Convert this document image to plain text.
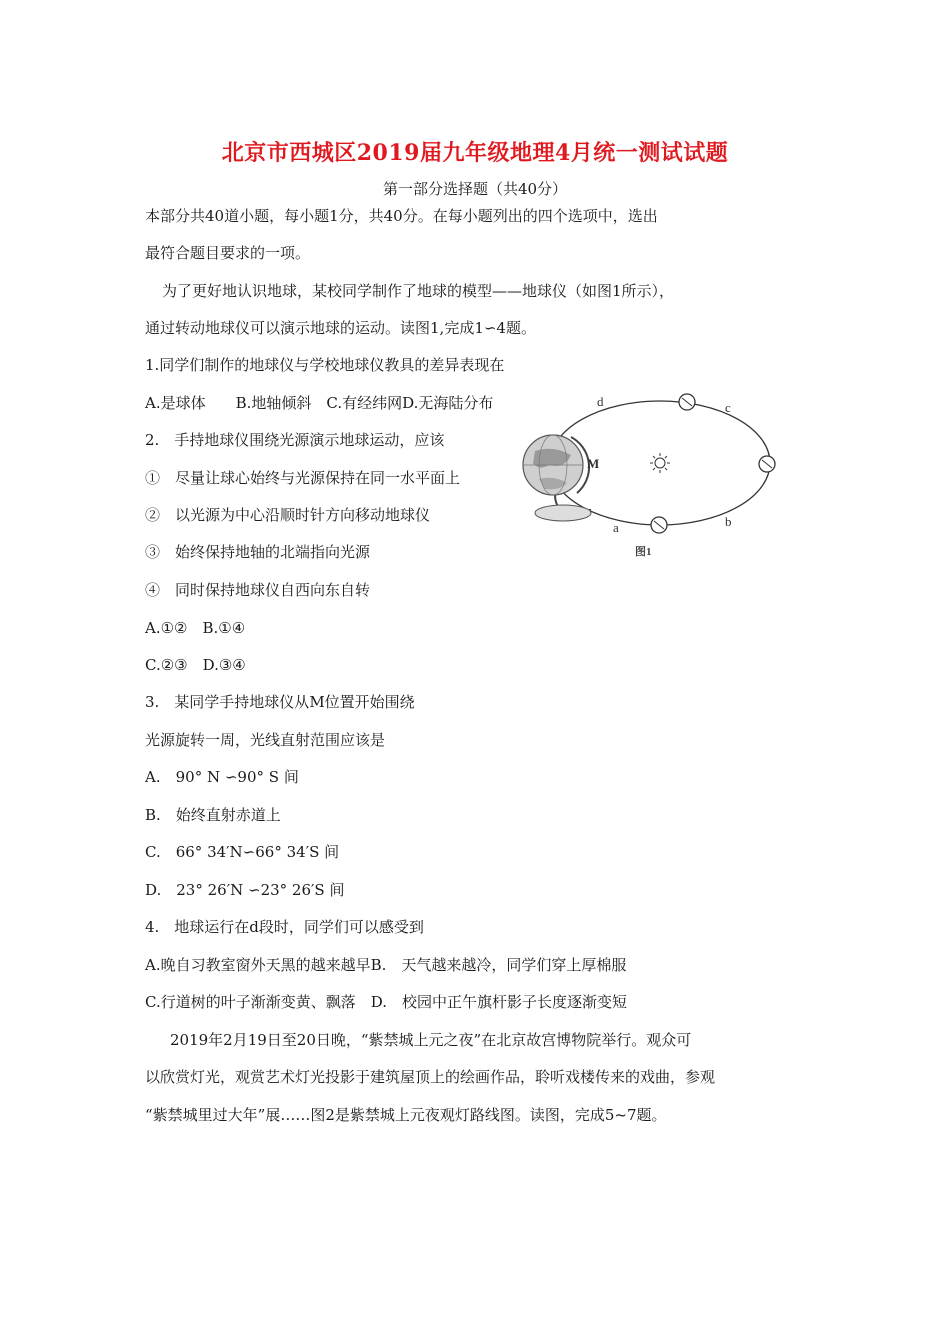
北京市西城区2019届九年级地理4月统一测试试题
第一部分选择题（共40分）
本部分共40道小题，每小题1分，共40分。在每小题列出的四个选项中，选出
最符合题目要求的一项。
为了更好地认识地球，某校同学制作了地球的模型——地球仪（如图1所示），
通过转动地球仪可以演示地球的运动。读图1,完成1∽4题。
1.同学们制作的地球仪与学校地球仪教具的差异表现在
A.是球体　　B.地轴倾斜　C.有经纬网D.无海陆分布
2.　手持地球仪围绕光源演示地球运动，应该
①　尽量让球心始终与光源保持在同一水平面上
②　以光源为中心沿顺时针方向移动地球仪
③　始终保持地轴的北端指向光源
④　同时保持地球仪自西向东自转
A.①②　B.①④
C.②③　D.③④
3.　某同学手持地球仪从M位置开始围绕
光源旋转一周，光线直射范围应该是
A.　90° N ∽90° S 间
B.　始终直射赤道上
C.　66° 34′N∽66° 34′S 间
D.　23° 26′N ∽23° 26′S 间
4.　地球运行在d段时，同学们可以感受到
A.晚自习教室窗外天黑的越来越早B.　天气越来越冷，同学们穿上厚棉服
C.行道树的叶子渐渐变黄、飘落　D.　校园中正午旗杆影子长度逐渐变短
2019年2月19日至20日晚，“紫禁城上元之夜”在北京故宫博物院举行。观众可
以欣赏灯光，观赏艺术灯光投影于建筑屋顶上的绘画作品，聆听戏楼传来的戏曲，参观
“紫禁城里过大年”展……图2是紫禁城上元夜观灯路线图。读图，完成5~7题。
d	c
b
a
M
图1
